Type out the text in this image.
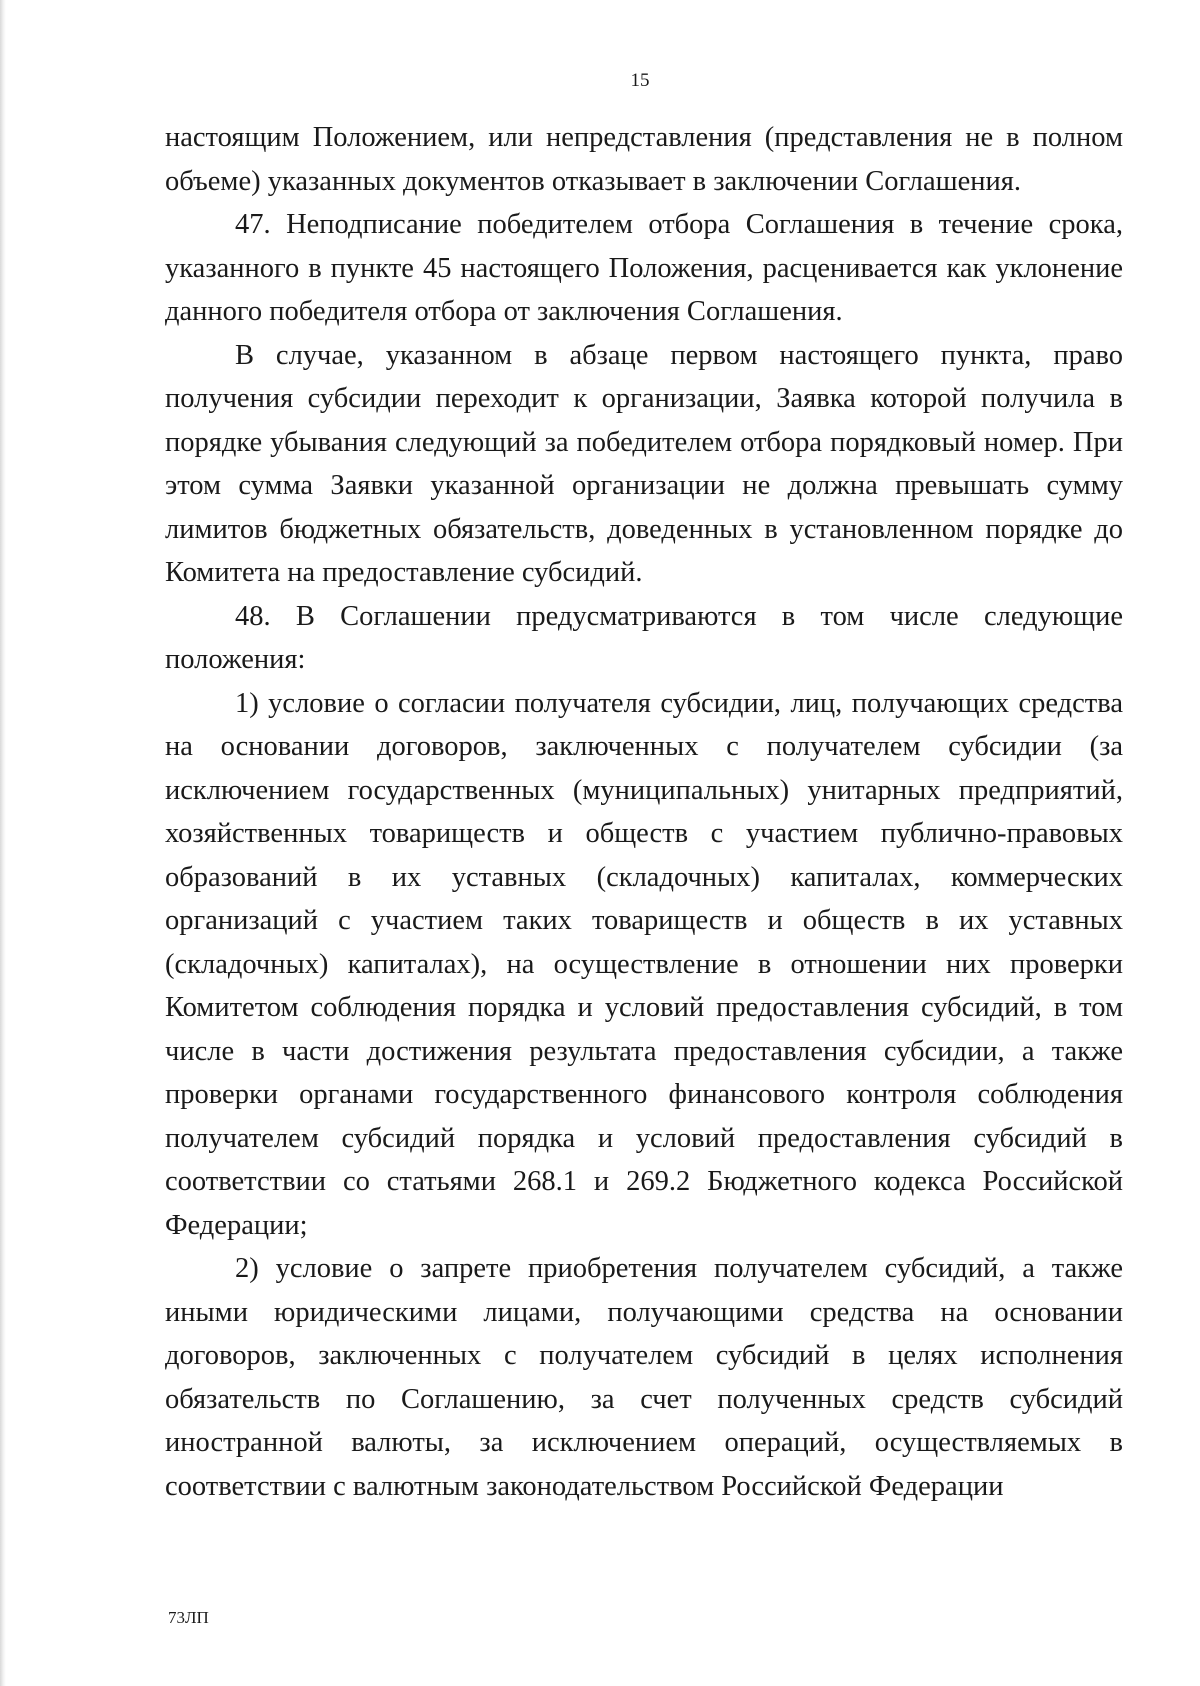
15

настоящим Положением, или непредставления (представления не в полном объеме) указанных документов отказывает в заключении Соглашения.

47. Неподписание победителем отбора Соглашения в течение срока, указанного в пункте 45 настоящего Положения, расценивается как уклонение данного победителя отбора от заключения Соглашения.

В случае, указанном в абзаце первом настоящего пункта, право получения субсидии переходит к организации, Заявка которой получила в порядке убывания следующий за победителем отбора порядковый номер. При этом сумма Заявки указанной организации не должна превышать сумму лимитов бюджетных обязательств, доведенных в установленном порядке до Комитета на предоставление субсидий.

48. В Соглашении предусматриваются в том числе следующие положения:

1) условие о согласии получателя субсидии, лиц, получающих средства на основании договоров, заключенных с получателем субсидии (за исключением государственных (муниципальных) унитарных предприятий, хозяйственных товариществ и обществ с участием публично-правовых образований в их уставных (складочных) капиталах, коммерческих организаций с участием таких товариществ и обществ в их уставных (складочных) капиталах), на осуществление в отношении них проверки Комитетом соблюдения порядка и условий предоставления субсидий, в том числе в части достижения результата предоставления субсидии, а также проверки органами государственного финансового контроля соблюдения получателем субсидий порядка и условий предоставления субсидий в соответствии со статьями 268.1 и 269.2 Бюджетного кодекса Российской Федерации;

2) условие о запрете приобретения получателем субсидий, а также иными юридическими лицами, получающими средства на основании договоров, заключенных с получателем субсидий в целях исполнения обязательств по Соглашению, за счет полученных средств субсидий иностранной валюты, за исключением операций, осуществляемых в соответствии с валютным законодательством Российской Федерации

73ЛП
